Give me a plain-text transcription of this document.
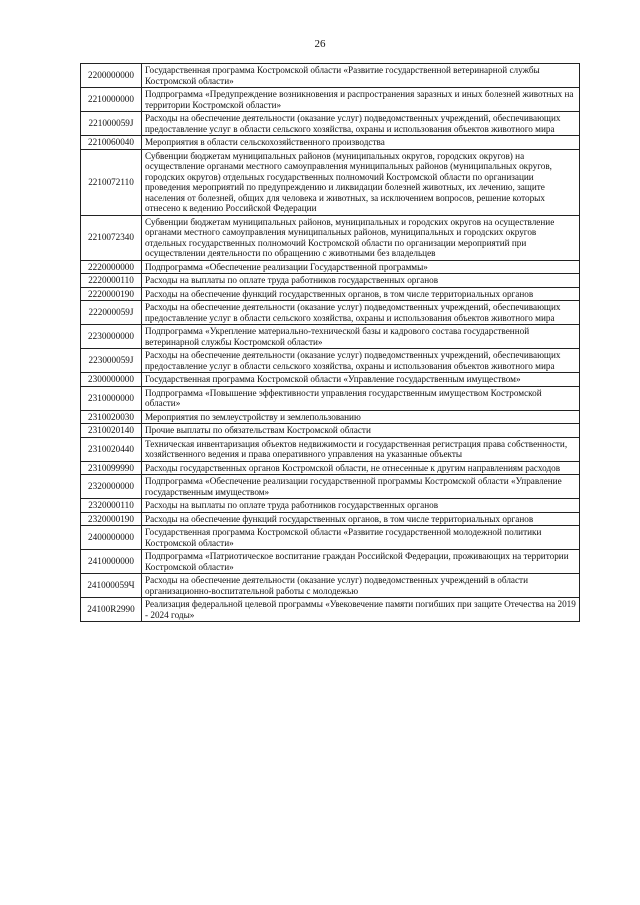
26
2200000000	Государственная программа Костромской области «Развитие государственной ветеринарной службы Костромской области»
2210000000	Подпрограмма «Предупреждение возникновения и распространения заразных и иных болезней животных на территории Костромской области»
221000059J	Расходы на обеспечение деятельности (оказание услуг) подведомственных учреждений, обеспечивающих предоставление услуг в области сельского хозяйства, охраны и использования объектов животного мира
2210060040	Мероприятия в области сельскохозяйственного производства
2210072110	Субвенции бюджетам муниципальных районов (муниципальных округов, городских округов) на осуществление органами местного самоуправления муниципальных районов (муниципальных округов, городских округов) отдельных государственных полномочий Костромской области по организации проведения мероприятий по предупреждению и ликвидации болезней животных, их лечению, защите населения от болезней, общих для человека и животных, за исключением вопросов, решение которых отнесено к ведению Российской Федерации
2210072340	Субвенции бюджетам муниципальных районов, муниципальных и городских округов на осуществление органами местного самоуправления муниципальных районов, муниципальных и городских округов отдельных государственных полномочий Костромской области по организации мероприятий при осуществлении деятельности по обращению с животными без владельцев
2220000000	Подпрограмма «Обеспечение реализации Государственной программы»
2220000110	Расходы на выплаты по оплате труда работников государственных органов
2220000190	Расходы на обеспечение функций государственных органов, в том числе территориальных органов
222000059J	Расходы на обеспечение деятельности (оказание услуг) подведомственных учреждений, обеспечивающих предоставление услуг в области сельского хозяйства, охраны и использования объектов животного мира
2230000000	Подпрограмма «Укрепление материально-технической базы и кадрового состава государственной ветеринарной службы Костромской области»
223000059J	Расходы на обеспечение деятельности (оказание услуг) подведомственных учреждений, обеспечивающих предоставление услуг в области сельского хозяйства, охраны и использования объектов животного мира
2300000000	Государственная программа Костромской области «Управление государственным имуществом»
2310000000	Подпрограмма «Повышение эффективности управления государственным имуществом Костромской области»
2310020030	Мероприятия по землеустройству и землепользованию
2310020140	Прочие выплаты по обязательствам Костромской области
2310020440	Техническая инвентаризация объектов недвижимости и государственная регистрация права собственности, хозяйственного ведения и права оперативного управления на указанные объекты
2310099990	Расходы государственных органов Костромской области, не отнесенные к другим направлениям расходов
2320000000	Подпрограмма «Обеспечение реализации государственной программы Костромской области «Управление государственным имуществом»
2320000110	Расходы на выплаты по оплате труда работников государственных органов
2320000190	Расходы на обеспечение функций государственных органов, в том числе территориальных органов
2400000000	Государственная программа Костромской области «Развитие государственной молодежной политики Костромской области»
2410000000	Подпрограмма «Патриотическое воспитание граждан Российской Федерации, проживающих на территории Костромской области»
241000059Ч	Расходы на обеспечение деятельности (оказание услуг) подведомственных учреждений в области организационно-воспитательной работы с молодежью
24100R2990	Реализация федеральной целевой программы «Увековечение памяти погибших при защите Отечества на 2019 - 2024 годы»
